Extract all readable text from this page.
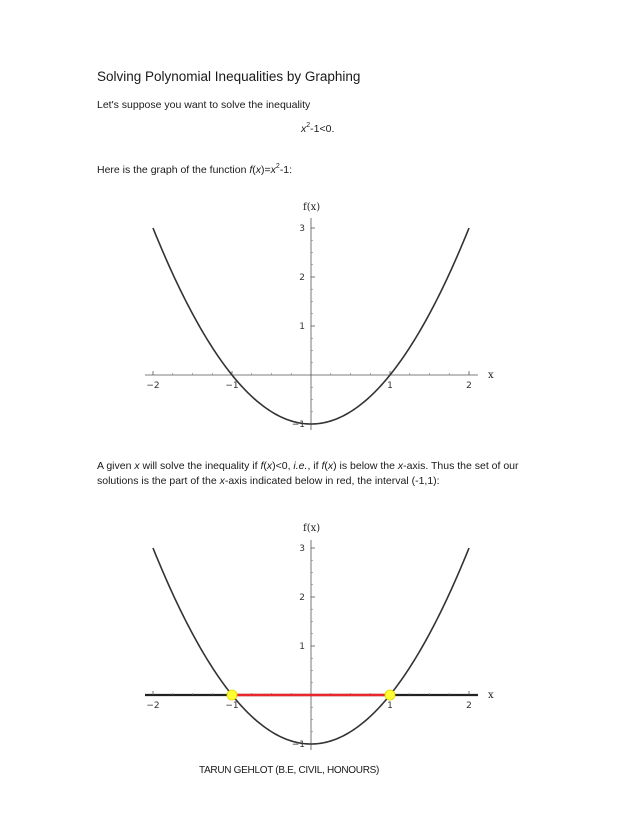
Solving Polynomial Inequalities by Graphing
Let's suppose you want to solve the inequality
$x^2-1<0$.
Here is the graph of the function $f(x)=x^2-1$:
A given x will solve the inequality if f(x)<0, i.e., if f(x) is below the x-axis. Thus the set of our solutions is the part of the x-axis indicated below in red, the interval (-1,1):
−2	−1	1	2
−1
1
2
3
x
f(x)
−2	−1	1	2
−1
1
2
3
x
f(x)
TARUN GEHLOT (B.E, CIVIL, HONOURS)
